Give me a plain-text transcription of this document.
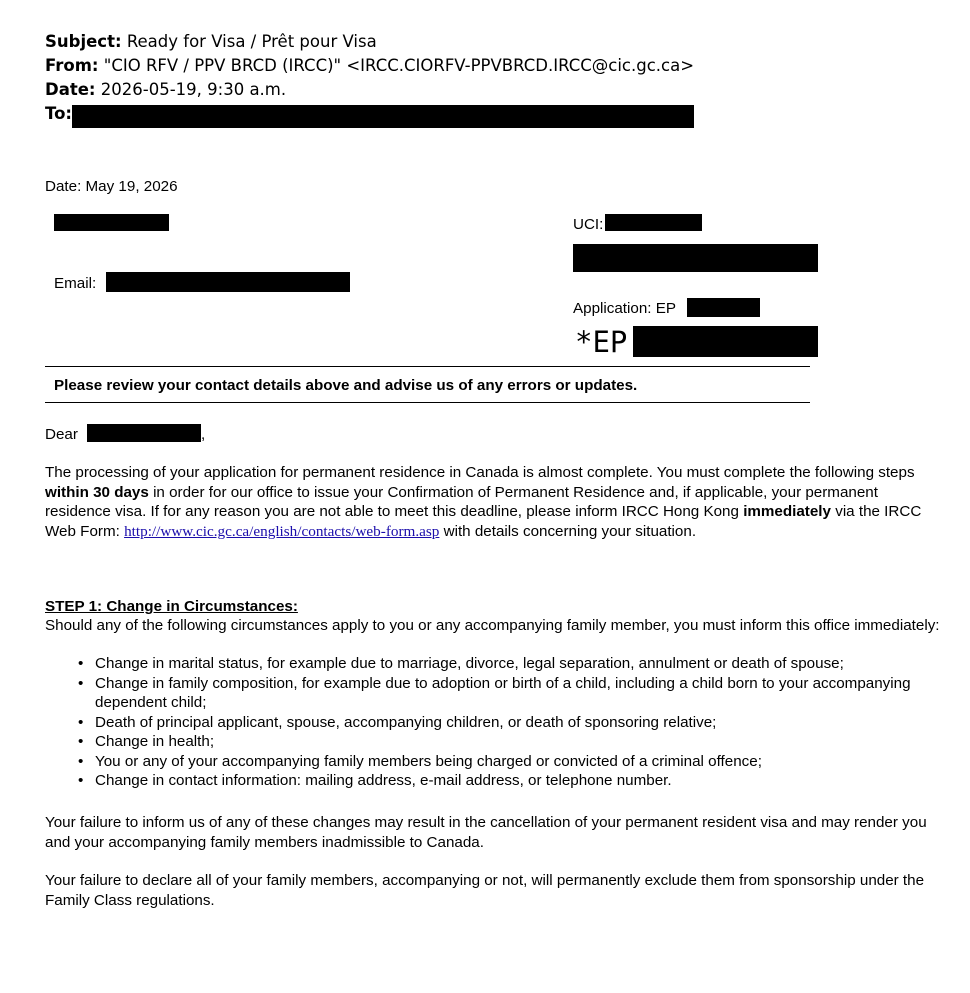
Subject: Ready for Visa / Prêt pour Visa
From: "CIO RFV / PPV BRCD (IRCC)" <IRCC.CIORFV-PPVBRCD.IRCC@cic.gc.ca>
Date: 2026-05-19, 9:30 a.m.
To:
Date: May 19, 2026
Email:
UCI:
Application: EP
*EP
Please review your contact details above and advise us of any errors or updates.
Dear	,
The processing of your application for permanent residence in Canada is almost complete. You must complete the following steps within 30 days in order for our office to issue your Confirmation of Permanent Residence and, if applicable, your permanent residence visa. If for any reason you are not able to meet this deadline, please inform IRCC Hong Kong immediately via the IRCC Web Form: http://www.cic.gc.ca/english/contacts/web-form.asp with details concerning your situation.
STEP 1: Change in Circumstances:
Should any of the following circumstances apply to you or any accompanying family member, you must inform this office immediately:
• Change in marital status, for example due to marriage, divorce, legal separation, annulment or death of spouse;
• Change in family composition, for example due to adoption or birth of a child, including a child born to your accompanying dependent child;
• Death of principal applicant, spouse, accompanying children, or death of sponsoring relative;
• Change in health;
• You or any of your accompanying family members being charged or convicted of a criminal offence;
• Change in contact information: mailing address, e-mail address, or telephone number.
Your failure to inform us of any of these changes may result in the cancellation of your permanent resident visa and may render you and your accompanying family members inadmissible to Canada.
Your failure to declare all of your family members, accompanying or not, will permanently exclude them from sponsorship under the Family Class regulations.
